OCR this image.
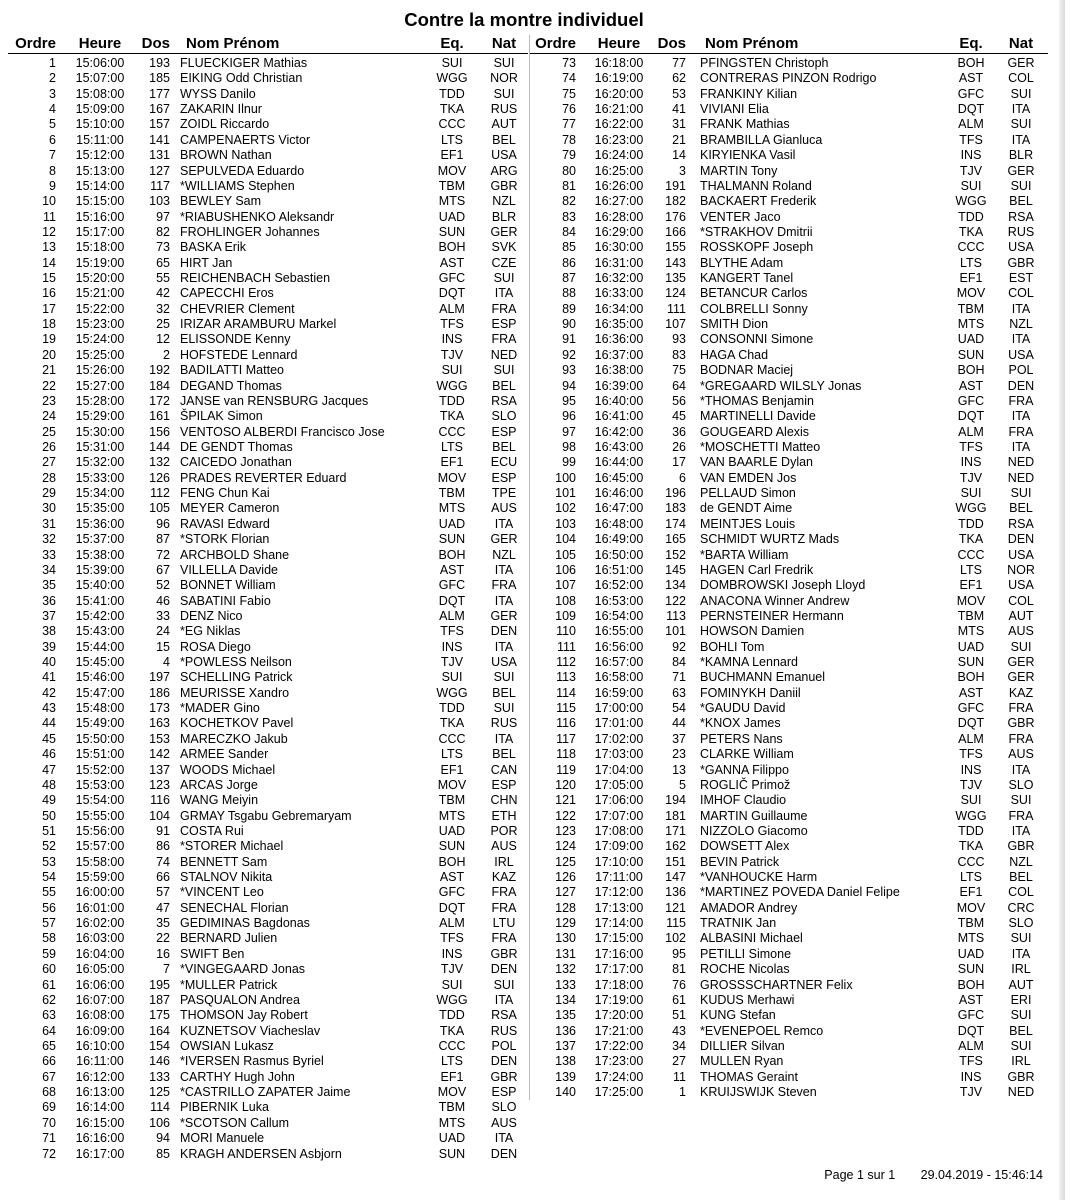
Contre la montre individuel
Ordre	Heure	Dos Nom Prénom	Eq.	Nat
1	15:06:00	193 FLUECKIGER Mathias	SUI	SUI
2	15:07:00	185 EIKING Odd Christian	WGG	NOR
3	15:08:00	177 WYSS Danilo	TDD	SUI
4	15:09:00	167 ZAKARIN Ilnur	TKA	RUS
5	15:10:00	157 ZOIDL Riccardo	CCC	AUT
6	15:11:00	141 CAMPENAERTS Victor	LTS	BEL
7	15:12:00	131 BROWN Nathan	EF1	USA
8	15:13:00	127 SEPULVEDA Eduardo	MOV	ARG
9	15:14:00	117 *WILLIAMS Stephen	TBM	GBR
10	15:15:00	103 BEWLEY Sam	MTS	NZL
11	15:16:00	97 *RIABUSHENKO Aleksandr	UAD	BLR
12	15:17:00	82 FROHLINGER Johannes	SUN	GER
13	15:18:00	73 BASKA Erik	BOH	SVK
14	15:19:00	65 HIRT Jan	AST	CZE
15	15:20:00	55 REICHENBACH Sebastien	GFC	SUI
16	15:21:00	42 CAPECCHI Eros	DQT	ITA
17	15:22:00	32 CHEVRIER Clement	ALM	FRA
18	15:23:00	25 IRIZAR ARAMBURU Markel	TFS	ESP
19	15:24:00	12 ELISSONDE Kenny	INS	FRA
20	15:25:00	2 HOFSTEDE Lennard	TJV	NED
21	15:26:00	192 BADILATTI Matteo	SUI	SUI
22	15:27:00	184 DEGAND Thomas	WGG	BEL
23	15:28:00	172 JANSE van RENSBURG Jacques	TDD	RSA
24	15:29:00	161 ŠPILAK Simon	TKA	SLO
25	15:30:00	156 VENTOSO ALBERDI Francisco Jose	CCC	ESP
26	15:31:00	144 DE GENDT Thomas	LTS	BEL
27	15:32:00	132 CAICEDO Jonathan	EF1	ECU
28	15:33:00	126 PRADES REVERTER Eduard	MOV	ESP
29	15:34:00	112 FENG Chun Kai	TBM	TPE
30	15:35:00	105 MEYER Cameron	MTS	AUS
31	15:36:00	96 RAVASI Edward	UAD	ITA
32	15:37:00	87 *STORK Florian	SUN	GER
33	15:38:00	72 ARCHBOLD Shane	BOH	NZL
34	15:39:00	67 VILLELLA Davide	AST	ITA
35	15:40:00	52 BONNET William	GFC	FRA
36	15:41:00	46 SABATINI Fabio	DQT	ITA
37	15:42:00	33 DENZ Nico	ALM	GER
38	15:43:00	24 *EG Niklas	TFS	DEN
39	15:44:00	15 ROSA Diego	INS	ITA
40	15:45:00	4 *POWLESS Neilson	TJV	USA
41	15:46:00	197 SCHELLING Patrick	SUI	SUI
42	15:47:00	186 MEURISSE Xandro	WGG	BEL
43	15:48:00	173 *MADER Gino	TDD	SUI
44	15:49:00	163 KOCHETKOV Pavel	TKA	RUS
45	15:50:00	153 MARECZKO Jakub	CCC	ITA
46	15:51:00	142 ARMEE Sander	LTS	BEL
47	15:52:00	137 WOODS Michael	EF1	CAN
48	15:53:00	123 ARCAS Jorge	MOV	ESP
49	15:54:00	116 WANG Meiyin	TBM	CHN
50	15:55:00	104 GRMAY Tsgabu Gebremaryam	MTS	ETH
51	15:56:00	91 COSTA Rui	UAD	POR
52	15:57:00	86 *STORER Michael	SUN	AUS
53	15:58:00	74 BENNETT Sam	BOH	IRL
54	15:59:00	66 STALNOV Nikita	AST	KAZ
55	16:00:00	57 *VINCENT Leo	GFC	FRA
56	16:01:00	47 SENECHAL Florian	DQT	FRA
57	16:02:00	35 GEDIMINAS Bagdonas	ALM	LTU
58	16:03:00	22 BERNARD Julien	TFS	FRA
59	16:04:00	16 SWIFT Ben	INS	GBR
60	16:05:00	7 *VINGEGAARD Jonas	TJV	DEN
61	16:06:00	195 *MULLER Patrick	SUI	SUI
62	16:07:00	187 PASQUALON Andrea	WGG	ITA
63	16:08:00	175 THOMSON Jay Robert	TDD	RSA
64	16:09:00	164 KUZNETSOV Viacheslav	TKA	RUS
65	16:10:00	154 OWSIAN Lukasz	CCC	POL
66	16:11:00	146 *IVERSEN Rasmus Byriel	LTS	DEN
67	16:12:00	133 CARTHY Hugh John	EF1	GBR
68	16:13:00	125 *CASTRILLO ZAPATER Jaime	MOV	ESP
69	16:14:00	114 PIBERNIK Luka	TBM	SLO
70	16:15:00	106 *SCOTSON Callum	MTS	AUS
71	16:16:00	94 MORI Manuele	UAD	ITA
72	16:17:00	85 KRAGH ANDERSEN Asbjorn	SUN	DEN
Ordre	Heure	Dos Nom Prénom	Eq.	Nat
73	16:18:00	77 PFINGSTEN Christoph	BOH	GER
74	16:19:00	62 CONTRERAS PINZON Rodrigo	AST	COL
75	16:20:00	53 FRANKINY Kilian	GFC	SUI
76	16:21:00	41 VIVIANI Elia	DQT	ITA
77	16:22:00	31 FRANK Mathias	ALM	SUI
78	16:23:00	21 BRAMBILLA Gianluca	TFS	ITA
79	16:24:00	14 KIRYIENKA Vasil	INS	BLR
80	16:25:00	3 MARTIN Tony	TJV	GER
81	16:26:00	191 THALMANN Roland	SUI	SUI
82	16:27:00	182 BACKAERT Frederik	WGG	BEL
83	16:28:00	176 VENTER Jaco	TDD	RSA
84	16:29:00	166 *STRAKHOV Dmitrii	TKA	RUS
85	16:30:00	155 ROSSKOPF Joseph	CCC	USA
86	16:31:00	143 BLYTHE Adam	LTS	GBR
87	16:32:00	135 KANGERT Tanel	EF1	EST
88	16:33:00	124 BETANCUR Carlos	MOV	COL
89	16:34:00	111 COLBRELLI Sonny	TBM	ITA
90	16:35:00	107 SMITH Dion	MTS	NZL
91	16:36:00	93 CONSONNI Simone	UAD	ITA
92	16:37:00	83 HAGA Chad	SUN	USA
93	16:38:00	75 BODNAR Maciej	BOH	POL
94	16:39:00	64 *GREGAARD WILSLY Jonas	AST	DEN
95	16:40:00	56 *THOMAS Benjamin	GFC	FRA
96	16:41:00	45 MARTINELLI Davide	DQT	ITA
97	16:42:00	36 GOUGEARD Alexis	ALM	FRA
98	16:43:00	26 *MOSCHETTI Matteo	TFS	ITA
99	16:44:00	17 VAN BAARLE Dylan	INS	NED
100	16:45:00	6 VAN EMDEN Jos	TJV	NED
101	16:46:00	196 PELLAUD Simon	SUI	SUI
102	16:47:00	183 de GENDT Aime	WGG	BEL
103	16:48:00	174 MEINTJES Louis	TDD	RSA
104	16:49:00	165 SCHMIDT WURTZ Mads	TKA	DEN
105	16:50:00	152 *BARTA William	CCC	USA
106	16:51:00	145 HAGEN Carl Fredrik	LTS	NOR
107	16:52:00	134 DOMBROWSKI Joseph Lloyd	EF1	USA
108	16:53:00	122 ANACONA Winner Andrew	MOV	COL
109	16:54:00	113 PERNSTEINER Hermann	TBM	AUT
110	16:55:00	101 HOWSON Damien	MTS	AUS
111	16:56:00	92 BOHLI Tom	UAD	SUI
112	16:57:00	84 *KAMNA Lennard	SUN	GER
113	16:58:00	71 BUCHMANN Emanuel	BOH	GER
114	16:59:00	63 FOMINYKH Daniil	AST	KAZ
115	17:00:00	54 *GAUDU David	GFC	FRA
116	17:01:00	44 *KNOX James	DQT	GBR
117	17:02:00	37 PETERS Nans	ALM	FRA
118	17:03:00	23 CLARKE William	TFS	AUS
119	17:04:00	13 *GANNA Filippo	INS	ITA
120	17:05:00	5 ROGLIČ Primož	TJV	SLO
121	17:06:00	194 IMHOF Claudio	SUI	SUI
122	17:07:00	181 MARTIN Guillaume	WGG	FRA
123	17:08:00	171 NIZZOLO Giacomo	TDD	ITA
124	17:09:00	162 DOWSETT Alex	TKA	GBR
125	17:10:00	151 BEVIN Patrick	CCC	NZL
126	17:11:00	147 *VANHOUCKE Harm	LTS	BEL
127	17:12:00	136 *MARTINEZ POVEDA Daniel Felipe	EF1	COL
128	17:13:00	121 AMADOR Andrey	MOV	CRC
129	17:14:00	115 TRATNIK Jan	TBM	SLO
130	17:15:00	102 ALBASINI Michael	MTS	SUI
131	17:16:00	95 PETILLI Simone	UAD	ITA
132	17:17:00	81 ROCHE Nicolas	SUN	IRL
133	17:18:00	76 GROSSSCHARTNER Felix	BOH	AUT
134	17:19:00	61 KUDUS Merhawi	AST	ERI
135	17:20:00	51 KUNG Stefan	GFC	SUI
136	17:21:00	43 *EVENEPOEL Remco	DQT	BEL
137	17:22:00	34 DILLIER Silvan	ALM	SUI
138	17:23:00	27 MULLEN Ryan	TFS	IRL
139	17:24:00	11 THOMAS Geraint	INS	GBR
140	17:25:00	1 KRUIJSWIJK Steven	TJV	NED
Page 1 sur 1 29.04.2019 - 15:46:14
